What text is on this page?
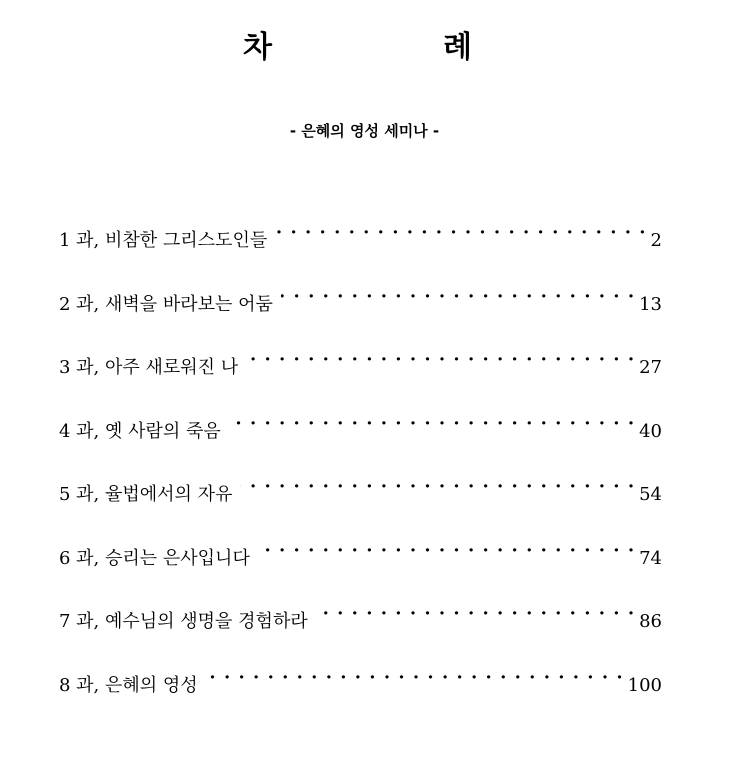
차	례
- 은혜의 영성 세미나 -
1 과, 비참한 그리스도인들 · · ·	2
2 과, 새벽을 바라보는 어둠 · · ·	13
3 과, 아주 새로워진 나 · · ·	27
4 과, 옛 사람의 죽음 · · ·	40
5 과, 율법에서의 자유 · · ·	54
6 과, 승리는 은사입니다 · · ·	74
7 과, 예수님의 생명을 경험하라 · · ·	86
8 과, 은혜의 영성 · · ·	100
